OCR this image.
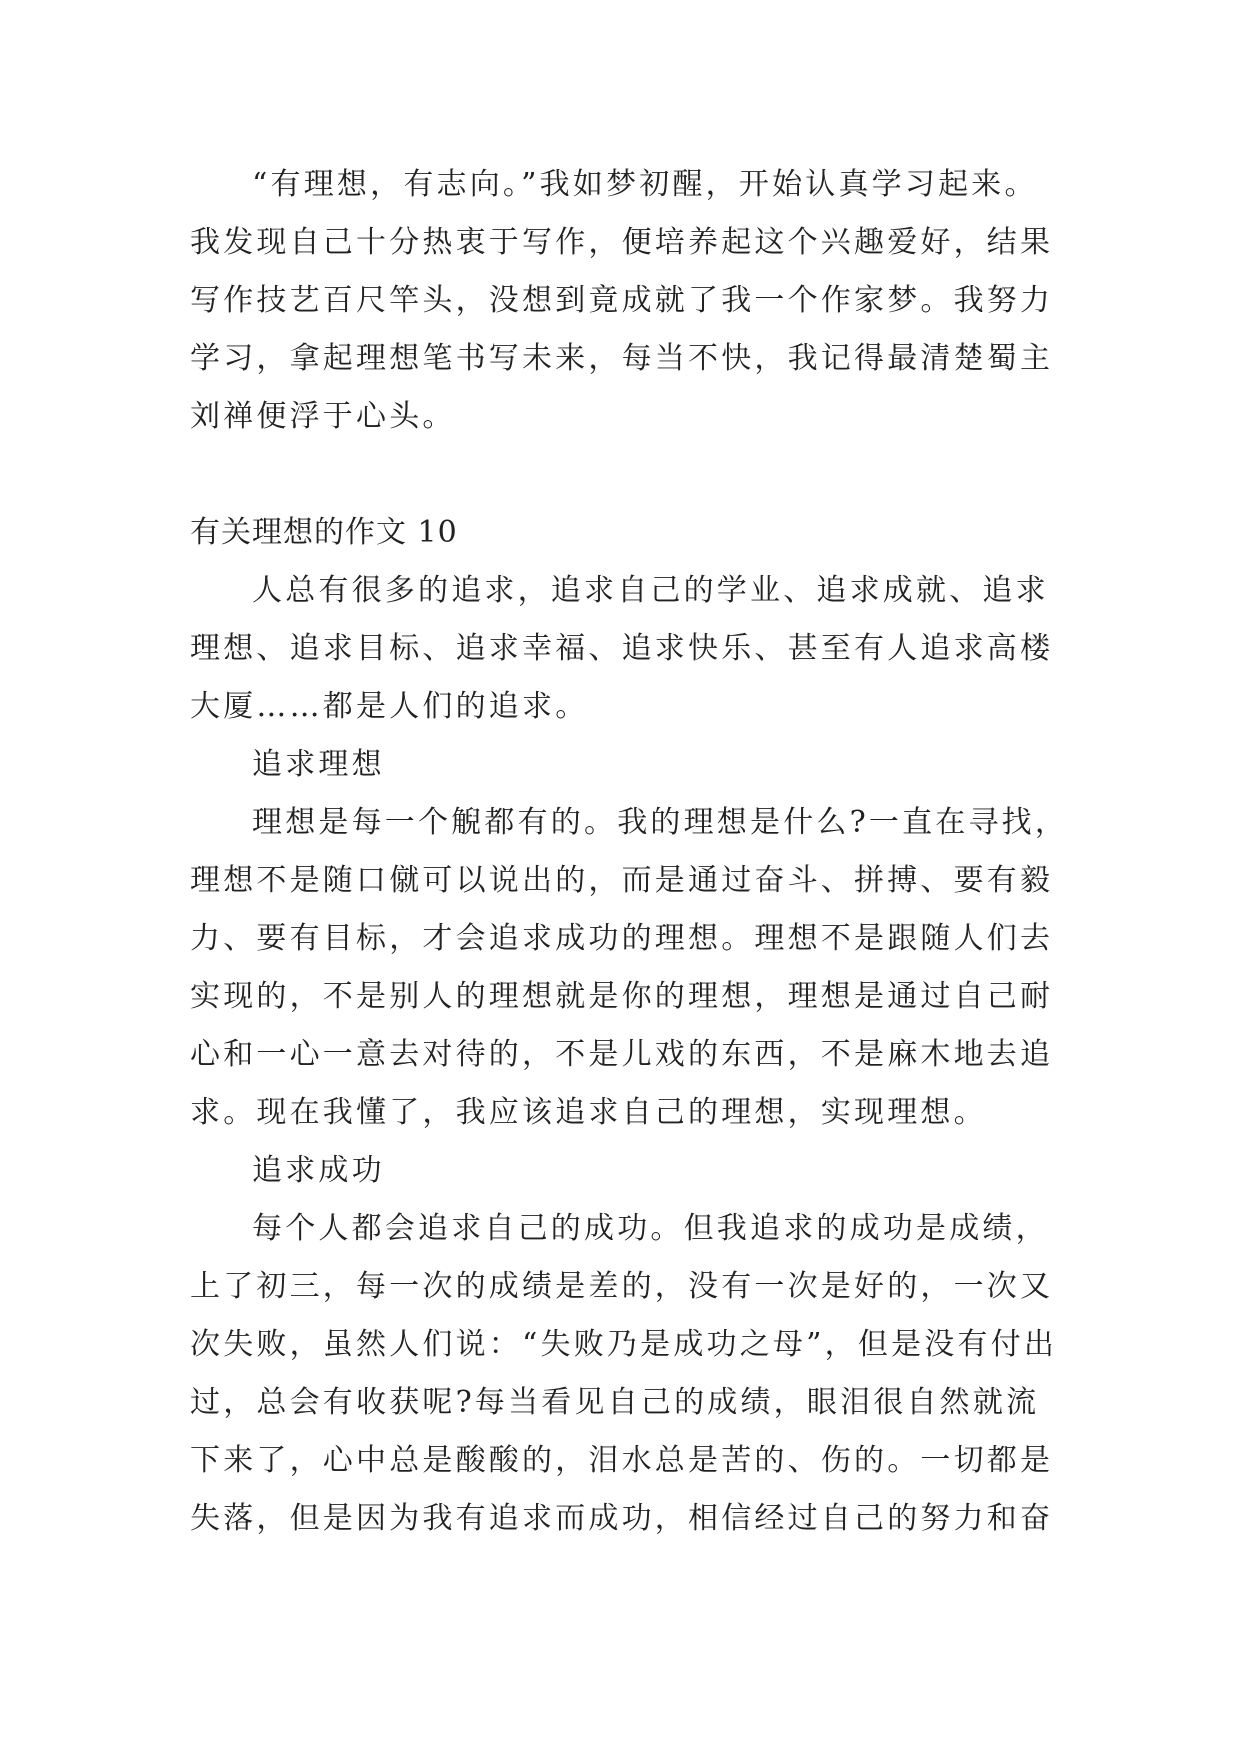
“有理想，有志向。”我如梦初醒，开始认真学习起来。

我发现自己十分热衷于写作，便培养起这个兴趣爱好，结果

写作技艺百尺竿头，没想到竟成就了我一个作家梦。我努力

学习，拿起理想笔书写未来，每当不快，我记得最清楚蜀主

刘禅便浮于心头。

有关理想的作文 10

人总有很多的追求，追求自己的学业、追求成就、追求

理想、追求目标、追求幸福、追求快乐、甚至有人追求高楼

大厦……都是人们的追求。

追求理想

理想是每一个觬都有的。我的理想是什么?一直在寻找，

理想不是随口僦可以说出的，而是通过奋斗、拼搏、要有毅

力、要有目标，才会追求成功的理想。理想不是跟随人们去

实现的，不是别人的理想就是你的理想，理想是通过自己耐

心和一心一意去对待的，不是儿戏的东西，不是麻木地去追

求。现在我懂了，我应该追求自己的理想，实现理想。

追求成功

每个人都会追求自己的成功。但我追求的成功是成绩，

上了初三，每一次的成绩是差的，没有一次是好的，一次又

次失败，虽然人们说：“失败乃是成功之母”，但是没有付出

过，总会有收获呢?每当看见自己的成绩，眼泪很自然就流

下来了，心中总是酸酸的，泪水总是苦的、伤的。一切都是

失落，但是因为我有追求而成功，相信经过自己的努力和奋
